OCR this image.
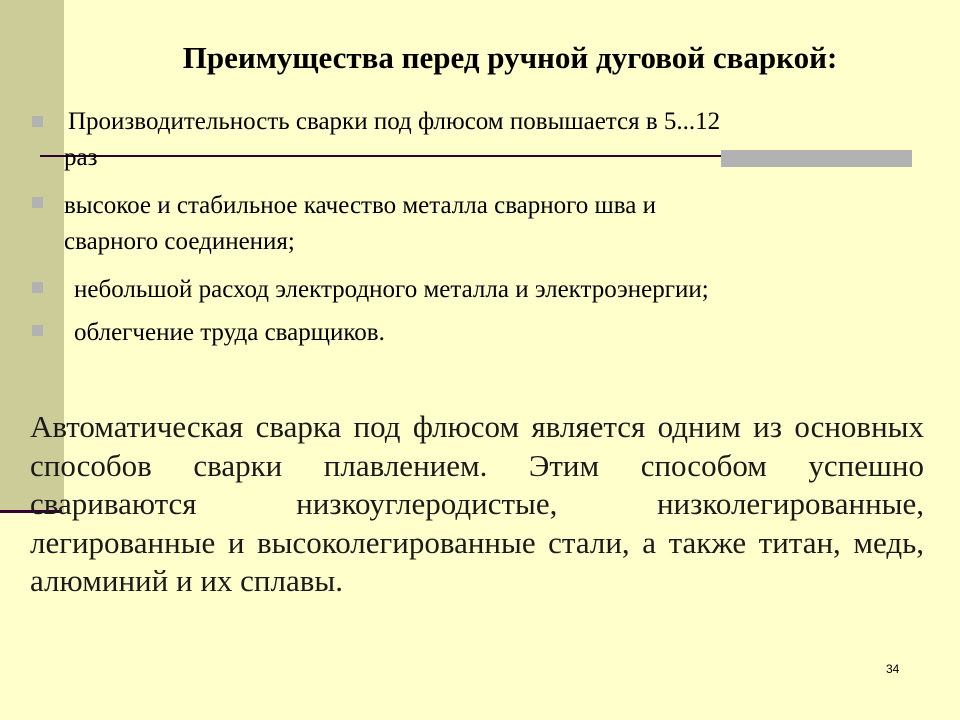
Преимущества перед ручной дуговой сваркой:
Производительность сварки под флюсом повышается в 5...12
раз
высокое и стабильное качество металла сварного шва и
сварного соединения;
небольшой расход электродного металла и электроэнергии;
облегчение труда сварщиков.

Автоматическая сварка под флюсом является одним из основных способов сварки плавлением. Этим способом успешно свариваются низкоуглеродистые, низколегированные, легированные и высоколегированные стали, а также титан, медь, алюминий и их сплавы.

34
